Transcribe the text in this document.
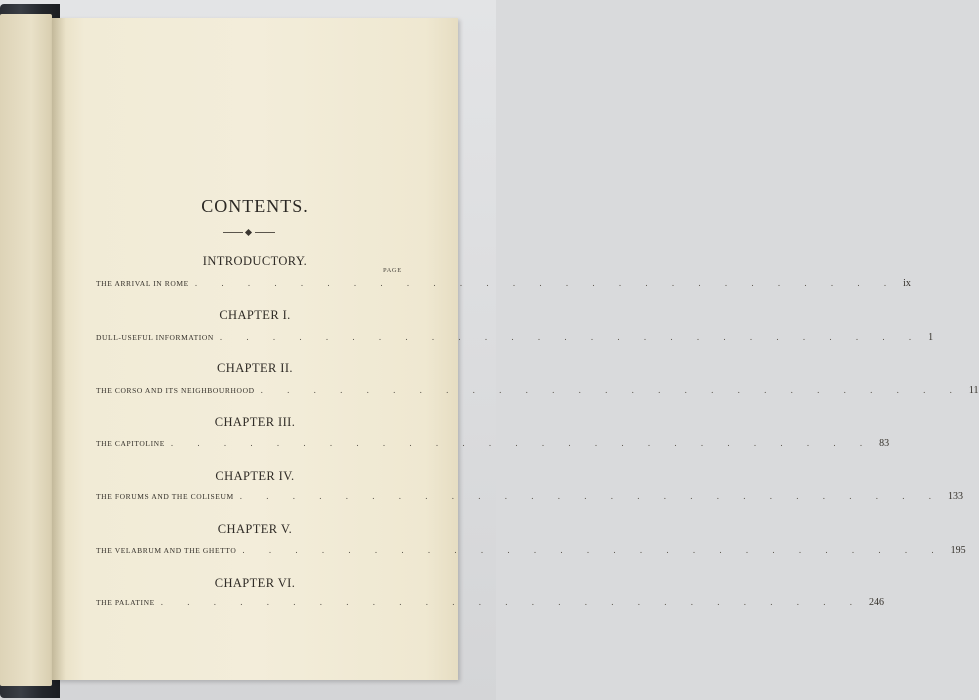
CONTENTS.
INTRODUCTORY.
PAGE
THE ARRIVAL IN ROME . . . . . . . . . . . . . . . . . . . . . . . . . . . ix
CHAPTER I.
DULL-USEFUL INFORMATION . . . . . . . . . . . . . . . . . . . . . . . . . . . 1
CHAPTER II.
THE CORSO AND ITS NEIGHBOURHOOD . . . . . . . . . . . . . . . . . . . . . . . . . . . 11
CHAPTER III.
THE CAPITOLINE . . . . . . . . . . . . . . . . . . . . . . . . . . . 83
CHAPTER IV.
THE FORUMS AND THE COLISEUM . . . . . . . . . . . . . . . . . . . . . . . . . . . 133
CHAPTER V.
THE VELABRUM AND THE GHETTO . . . . . . . . . . . . . . . . . . . . . . . . . . . 195
CHAPTER VI.
THE PALATINE . . . . . . . . . . . . . . . . . . . . . . . . . . . 246
